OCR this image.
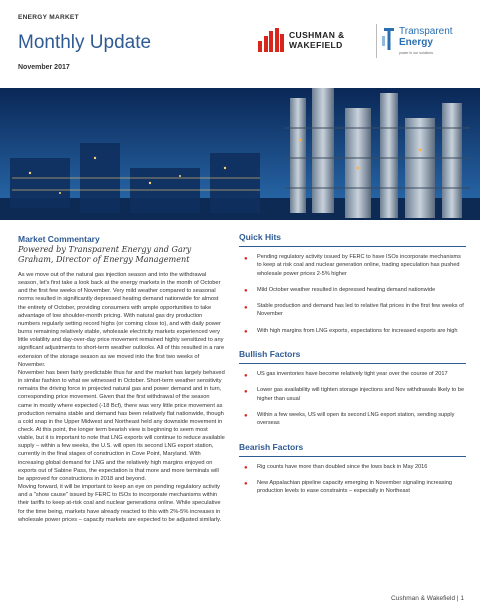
ENERGY MARKET
Monthly Update
November 2017
CUSHMAN &
WAKEFIELD
Transparent
Energy
power in our solutions
Market Commentary
Powered by Transparent Energy and Gary Graham, Director of Energy Management

As we move out of the natural gas injection season and into the withdrawal season, let's first take a look back at the energy markets in the month of October and the first few weeks of November. Very mild weather compared to seasonal norms resulted in significantly depressed heating demand nationwide for almost the entirety of October, providing consumers with ample opportunities to take advantage of low shoulder-month pricing. With natural gas dry production numbers regularly setting record highs (or coming close to), and with daily power burns remaining relatively stable, wholesale electricity markets experienced very little volatility and day-over-day price movement remained highly sensitized to any significant adjustments to short-term weather outlooks. All of this resulted in a rare extension of the storage season as we moved into the first two weeks of November.

November has been fairly predictable thus far and the market has largely behaved in similar fashion to what we witnessed in October. Short-term weather sensitivity remains the driving force in projected natural gas and power demand and in turn, corresponding price movement. Given that the first withdrawal of the season came in mostly where expected (-18 Bcf), there was very little price movement as production remains stable and demand has been relatively flat nationwide, though a cold snap in the Upper Midwest and Northeast held any downside movement in check. At this point, the longer term bearish view is beginning to seem most viable, but it is important to note that LNG exports will continue to reduce available supply – within a few weeks, the U.S. will open its second LNG export station, currently in the final stages of construction in Cove Point, Maryland. With increasing global demand for LNG and the relatively high margins enjoyed on exports out of Sabine Pass, the expectation is that more and more terminals will be approved for constructions in 2018 and beyond.

Moving forward, it will be important to keep an eye on pending regulatory activity and a "show cause" issued by FERC to ISOs to incorporate mechanisms within their tariffs to keep at-risk coal and nuclear generations online. While speculative for the time being, markets have already reacted to this with 2%-5% increases in wholesale power prices – capacity markets are expected to be adjusted similarly.

Quick Hits
● Pending regulatory activity issued by FERC to have ISOs incorporate mechanisms to keep at risk coal and nuclear generation online, trading speculation has pushed wholesale power prices 2-5% higher
● Mild October weather resulted in depressed heating demand nationwide
● Stable production and demand has led to relative flat prices in the first few weeks of November
● With high margins from LNG exports, expectations for increased exports are high
Bullish Factors
● US gas inventories have become relatively tight year over the course of 2017
● Lower gas availability will tighten storage injections and Nov withdrawals likely to be higher than usual
● Within a few weeks, US will open its second LNG export station, sending supply overseas
Bearish Factors
● Rig counts have more than doubled since the lows back in May 2016
● New Appalachian pipeline capacity emerging in November signaling increasing production levels to ease constraints – especially in Northeast
Cushman & Wakefield | 1
